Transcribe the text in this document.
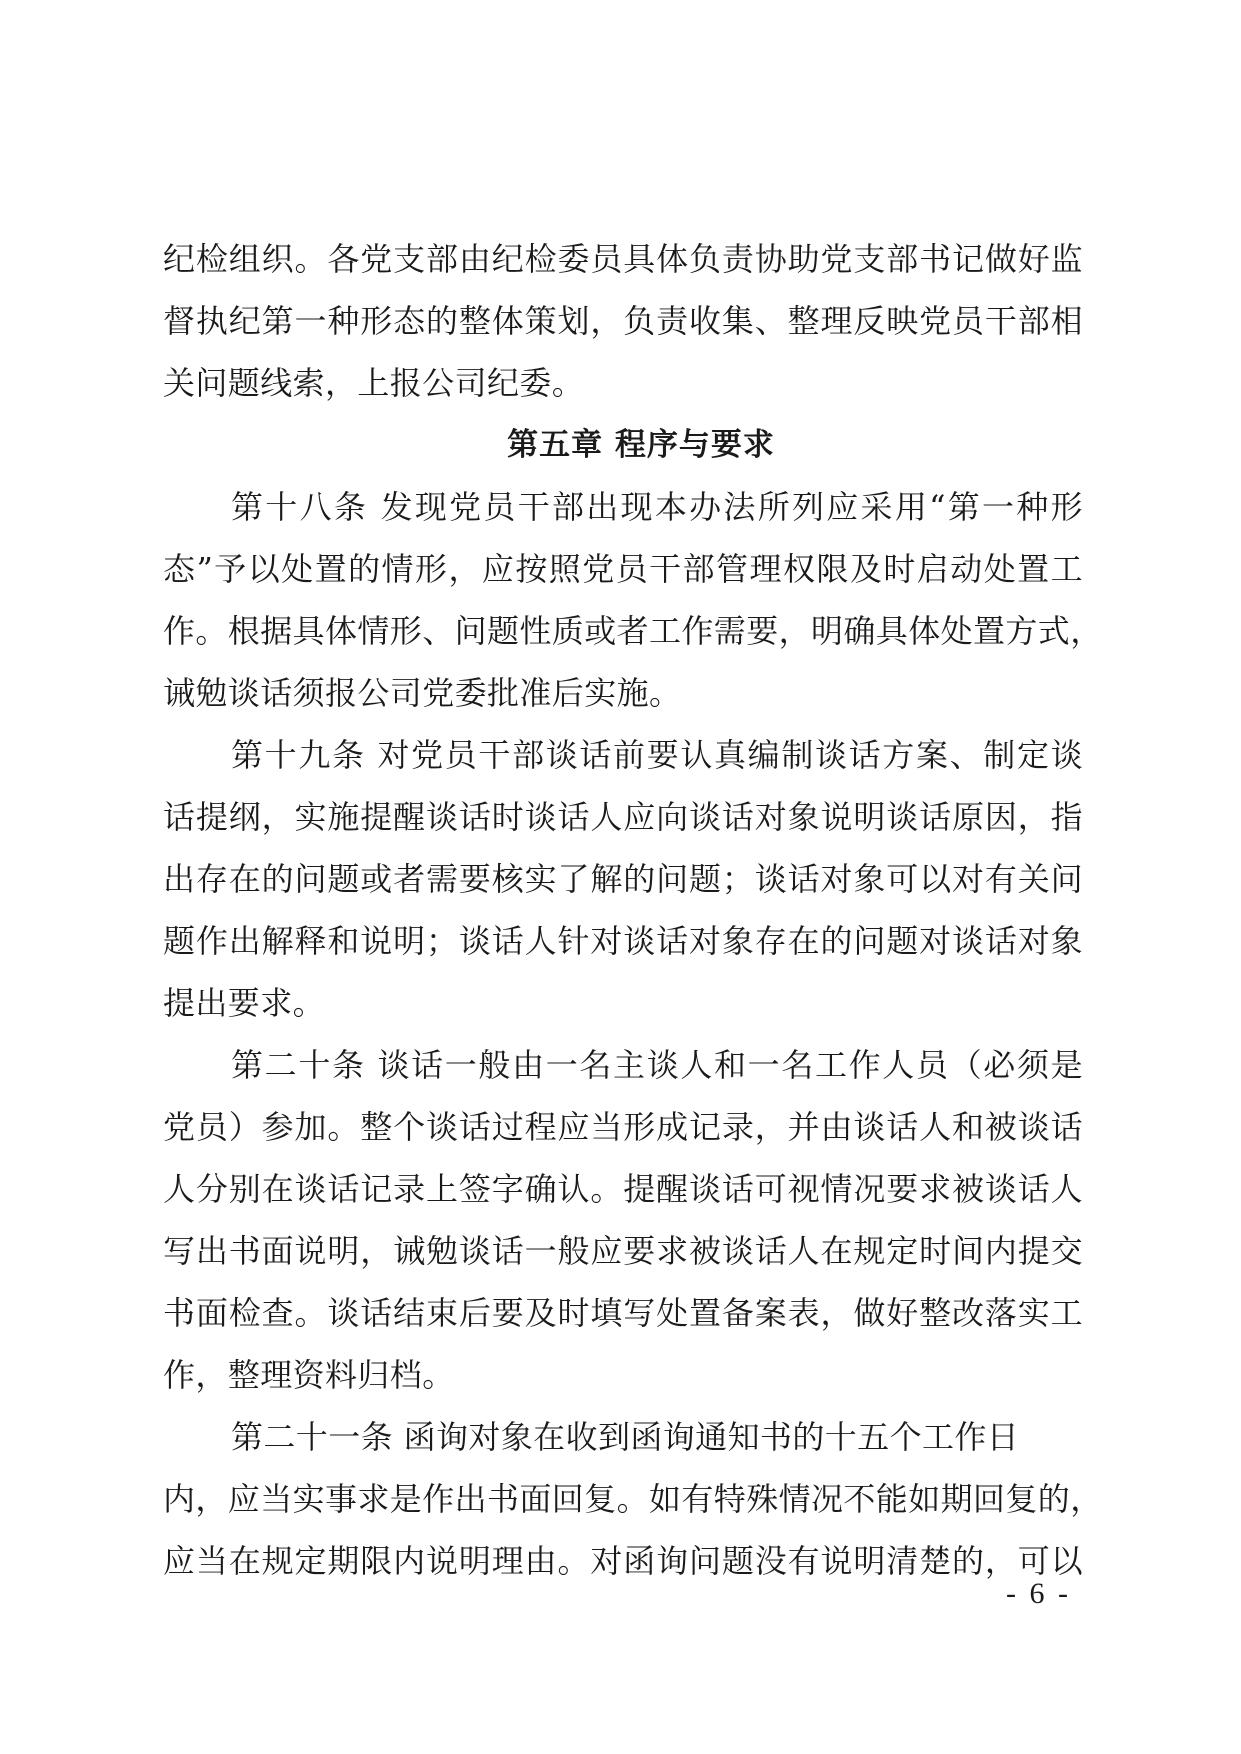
纪检组织。各党支部由纪检委员具体负责协助党支部书记做好监
督执纪第一种形态的整体策划，负责收集、整理反映党员干部相
关问题线索，上报公司纪委。
第五章 程序与要求
第十八条 发现党员干部出现本办法所列应采用“第一种形
态”予以处置的情形，应按照党员干部管理权限及时启动处置工
作。根据具体情形、问题性质或者工作需要，明确具体处置方式，
诫勉谈话须报公司党委批准后实施。
第十九条 对党员干部谈话前要认真编制谈话方案、制定谈
话提纲，实施提醒谈话时谈话人应向谈话对象说明谈话原因，指
出存在的问题或者需要核实了解的问题；谈话对象可以对有关问
题作出解释和说明；谈话人针对谈话对象存在的问题对谈话对象
提出要求。
第二十条 谈话一般由一名主谈人和一名工作人员（必须是
党员）参加。整个谈话过程应当形成记录，并由谈话人和被谈话
人分别在谈话记录上签字确认。提醒谈话可视情况要求被谈话人
写出书面说明，诫勉谈话一般应要求被谈话人在规定时间内提交
书面检查。谈话结束后要及时填写处置备案表，做好整改落实工
作，整理资料归档。
第二十一条 函询对象在收到函询通知书的十五个工作日
内，应当实事求是作出书面回复。如有特殊情况不能如期回复的，
应当在规定期限内说明理由。对函询问题没有说明清楚的，可以
- 6 -
